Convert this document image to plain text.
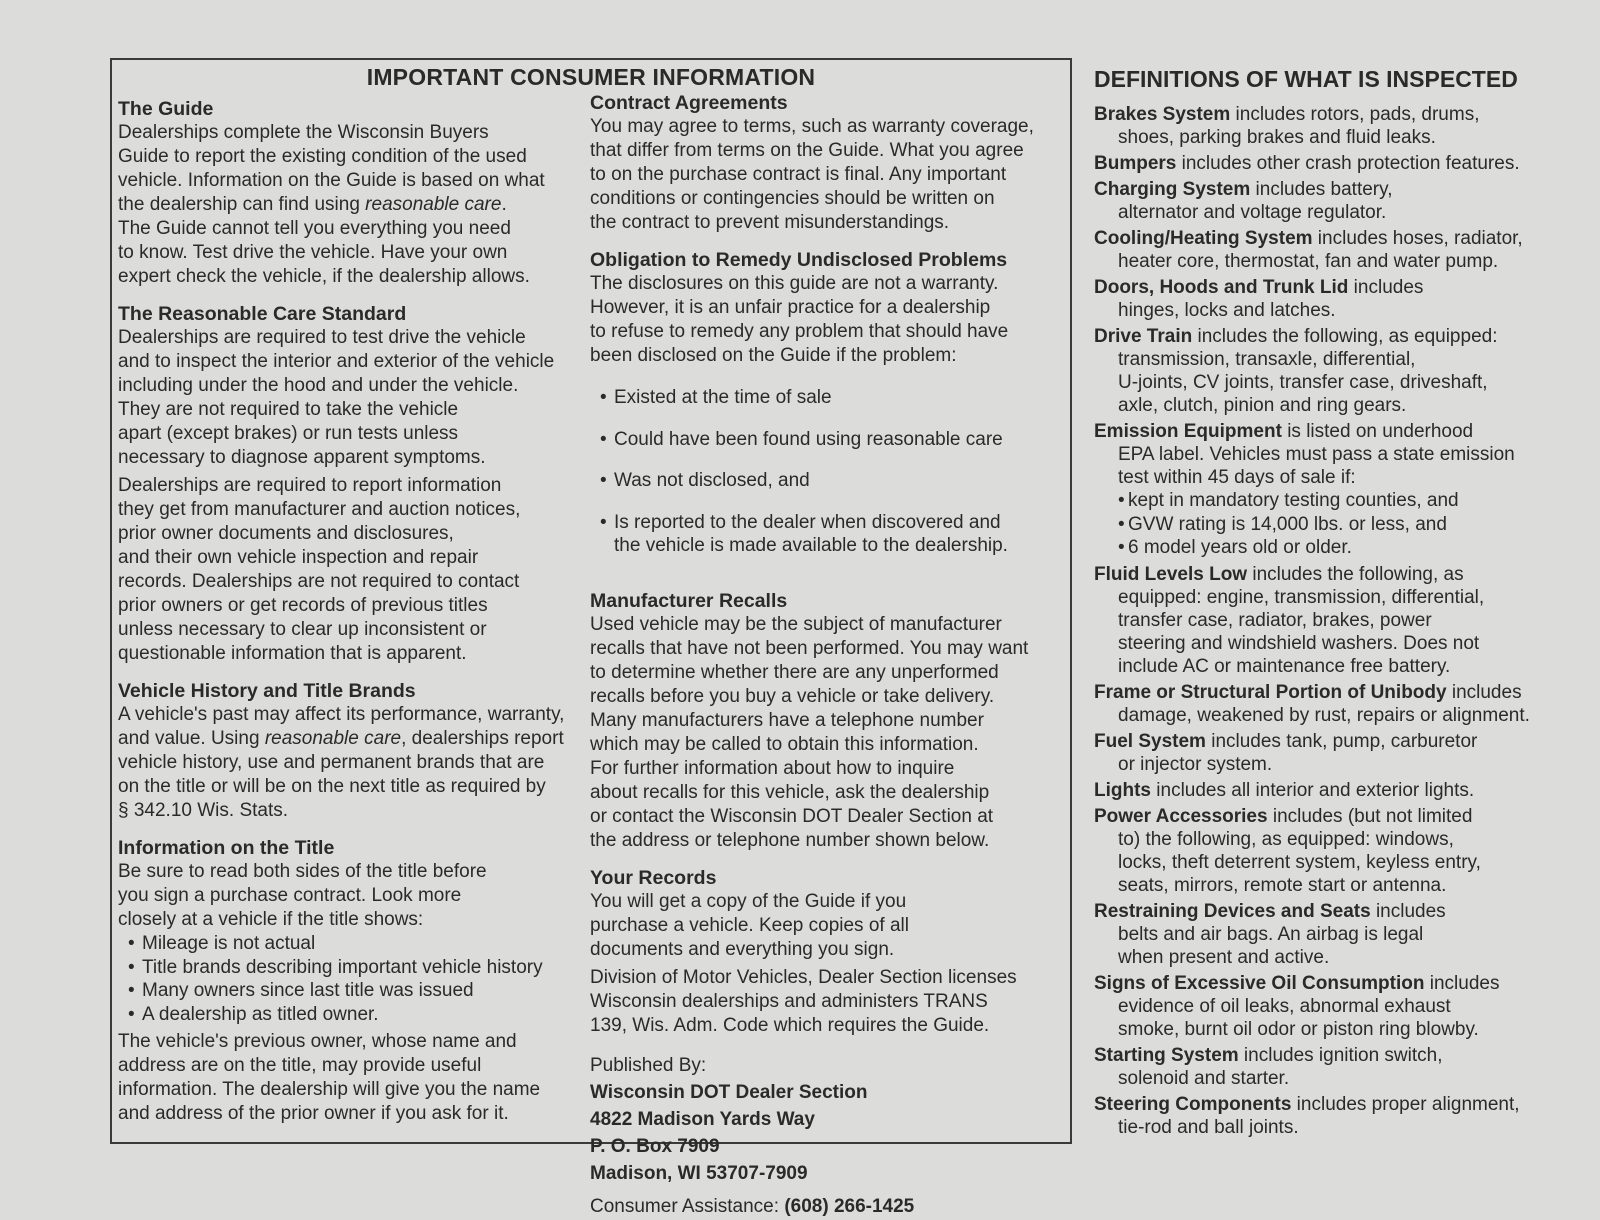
IMPORTANT CONSUMER INFORMATION
The Guide
Dealerships complete the Wisconsin Buyers
Guide to report the existing condition of the used
vehicle. Information on the Guide is based on what
the dealership can find using reasonable care.
The Guide cannot tell you everything you need
to know. Test drive the vehicle. Have your own
expert check the vehicle, if the dealership allows.
The Reasonable Care Standard
Dealerships are required to test drive the vehicle
and to inspect the interior and exterior of the vehicle
including under the hood and under the vehicle.
They are not required to take the vehicle
apart (except brakes) or run tests unless
necessary to diagnose apparent symptoms.
Dealerships are required to report information
they get from manufacturer and auction notices,
prior owner documents and disclosures,
and their own vehicle inspection and repair
records. Dealerships are not required to contact
prior owners or get records of previous titles
unless necessary to clear up inconsistent or
questionable information that is apparent.
Vehicle History and Title Brands
A vehicle's past may affect its performance, warranty,
and value. Using reasonable care, dealerships report
vehicle history, use and permanent brands that are
on the title or will be on the next title as required by
§ 342.10 Wis. Stats.
Information on the Title
Be sure to read both sides of the title before
you sign a purchase contract. Look more
closely at a vehicle if the title shows:
• Mileage is not actual
• Title brands describing important vehicle history
• Many owners since last title was issued
• A dealership as titled owner.
The vehicle's previous owner, whose name and
address are on the title, may provide useful
information. The dealership will give you the name
and address of the prior owner if you ask for it.
Contract Agreements
You may agree to terms, such as warranty coverage,
that differ from terms on the Guide. What you agree
to on the purchase contract is final. Any important
conditions or contingencies should be written on
the contract to prevent misunderstandings.
Obligation to Remedy Undisclosed Problems
The disclosures on this guide are not a warranty.
However, it is an unfair practice for a dealership
to refuse to remedy any problem that should have
been disclosed on the Guide if the problem:

• Existed at the time of sale

• Could have been found using reasonable care

• Was not disclosed, and

• Is reported to the dealer when discovered and
the vehicle is made available to the dealership.

Manufacturer Recalls
Used vehicle may be the subject of manufacturer
recalls that have not been performed. You may want
to determine whether there are any unperformed
recalls before you buy a vehicle or take delivery.
Many manufacturers have a telephone number
which may be called to obtain this information.
For further information about how to inquire
about recalls for this vehicle, ask the dealership
or contact the Wisconsin DOT Dealer Section at
the address or telephone number shown below.
Your Records
You will get a copy of the Guide if you
purchase a vehicle. Keep copies of all
documents and everything you sign.
Division of Motor Vehicles, Dealer Section licenses
Wisconsin dealerships and administers TRANS
139, Wis. Adm. Code which requires the Guide.
Published By:
Wisconsin DOT Dealer Section
4822 Madison Yards Way
P. O. Box 7909
Madison, WI 53707-7909
Consumer Assistance: (608) 266-1425
DEFINITIONS OF WHAT IS INSPECTED
Brakes System includes rotors, pads, drums,
shoes, parking brakes and fluid leaks.
Bumpers includes other crash protection features.
Charging System includes battery,
alternator and voltage regulator.
Cooling/Heating System includes hoses, radiator,
heater core, thermostat, fan and water pump.
Doors, Hoods and Trunk Lid includes
hinges, locks and latches.
Drive Train includes the following, as equipped:
transmission, transaxle, differential,
U-joints, CV joints, transfer case, driveshaft,
axle, clutch, pinion and ring gears.
Emission Equipment is listed on underhood
EPA label. Vehicles must pass a state emission
test within 45 days of sale if:
• kept in mandatory testing counties, and
• GVW rating is 14,000 lbs. or less, and
• 6 model years old or older.
Fluid Levels Low includes the following, as
equipped: engine, transmission, differential,
transfer case, radiator, brakes, power
steering and windshield washers. Does not
include AC or maintenance free battery.
Frame or Structural Portion of Unibody includes
damage, weakened by rust, repairs or alignment.
Fuel System includes tank, pump, carburetor
or injector system.
Lights includes all interior and exterior lights.
Power Accessories includes (but not limited
to) the following, as equipped: windows,
locks, theft deterrent system, keyless entry,
seats, mirrors, remote start or antenna.
Restraining Devices and Seats includes
belts and air bags. An airbag is legal
when present and active.
Signs of Excessive Oil Consumption includes
evidence of oil leaks, abnormal exhaust
smoke, burnt oil odor or piston ring blowby.
Starting System includes ignition switch,
solenoid and starter.
Steering Components includes proper alignment,
tie-rod and ball joints.
